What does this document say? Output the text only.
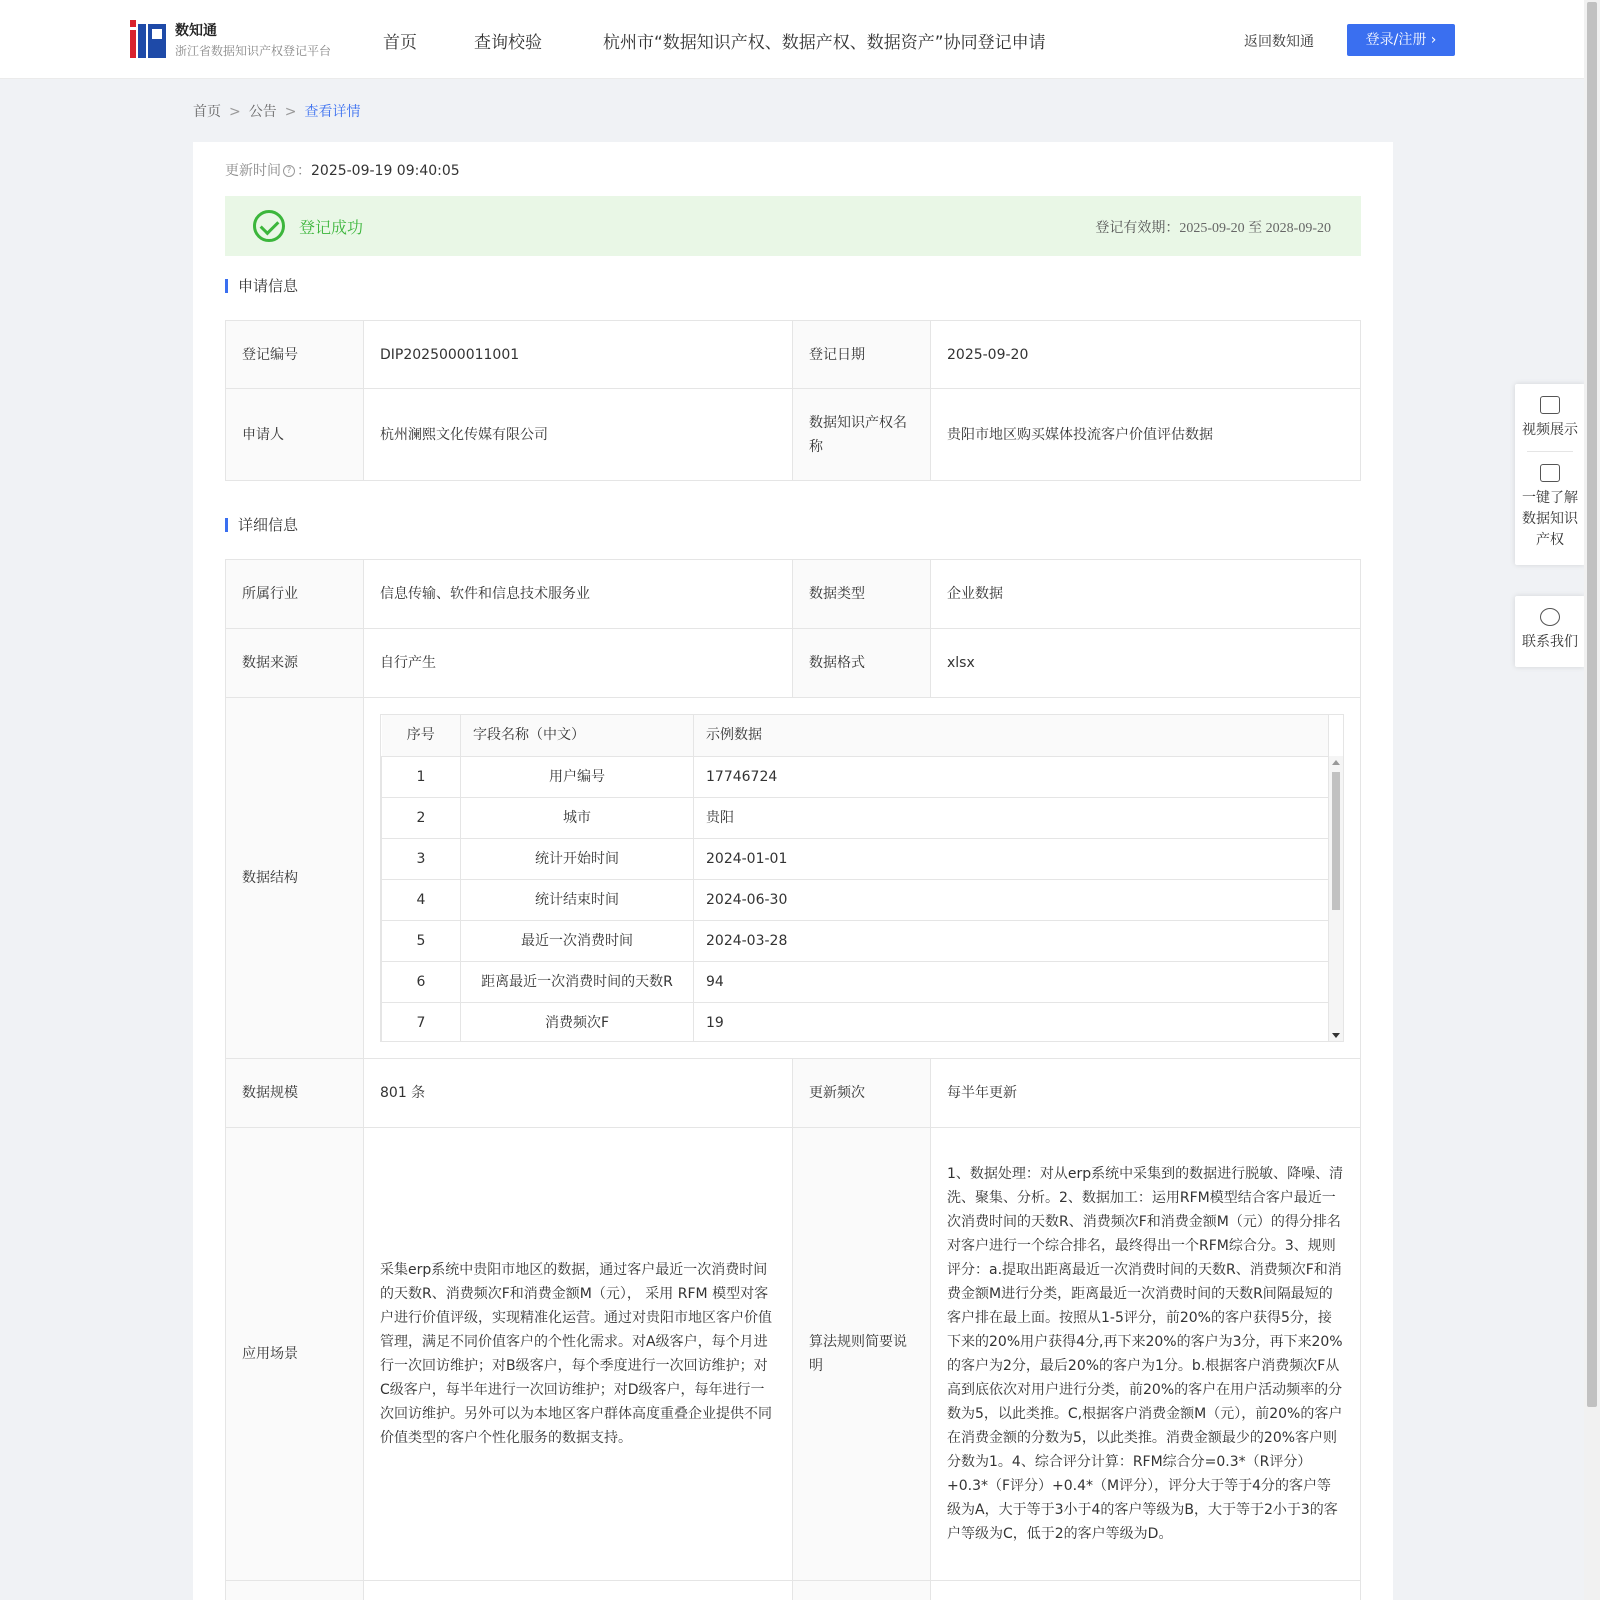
数知通
浙江省数据知识产权登记平台	首页	查询校验	杭州市“数据知识产权、数据产权、数据资产”协同登记申请	返回数知通	登录/注册 ›
首页 > 公告 > 查看详情
更新时间 ? ：2025-09-19 09:40:05
登记成功	登记有效期：2025-09-20 至 2028-09-20
申请信息
登记编号	DIP2025000011001	登记日期	2025-09-20
申请人	杭州澜熙文化传媒有限公司	数据知识产权名称	贵阳市地区购买媒体投流客户价值评估数据
详细信息
所属行业	信息传输、软件和信息技术服务业	数据类型	企业数据
数据来源	自行产生	数据格式	xlsx
数据结构	
序号	字段名称（中文）	示例数据
1	用户编号	17746724
2	城市	贵阳
3	统计开始时间	2024-01-01
4	统计结束时间	2024-06-30
5	最近一次消费时间	2024-03-28
6	距离最近一次消费时间的天数R	94
7	消费频次F	19

数据规模	801 条	更新频次	每半年更新
应用场景	采集erp系统中贵阳市地区的数据，通过客户最近一次消费时间的天数R、消费频次F和消费金额M（元）， 采用 RFM 模型对客户进行价值评级，实现精准化运营。通过对贵阳市地区客户价值管理，满足不同价值客户的个性化需求。对A级客户，每个月进行一次回访维护；对B级客户，每个季度进行一次回访维护；对C级客户，每半年进行一次回访维护；对D级客户，每年进行一次回访维护。另外可以为本地区客户群体高度重叠企业提供不同价值类型的客户个性化服务的数据支持。	算法规则简要说明	1、数据处理：对从erp系统中采集到的数据进行脱敏、降噪、清洗、聚集、分析。2、数据加工：运用RFM模型结合客户最近一次消费时间的天数R、消费频次F和消费金额M（元）的得分排名对客户进行一个综合排名，最终得出一个RFM综合分。3、规则评分：a.提取出距离最近一次消费时间的天数R、消费频次F和消费金额M进行分类，距离最近一次消费时间的天数R间隔最短的客户排在最上面。按照从1-5评分，前20%的客户获得5分，接下来的20%用户获得4分,再下来20%的客户为3分，再下来20%的客户为2分，最后20%的客户为1分。b.根据客户消费频次F从高到底依次对用户进行分类，前20%的客户在用户活动频率的分数为5，以此类推。C,根据客户消费金额M（元），前20%的客户在消费金额的分数为5，以此类推。消费金额最少的20%客户则分数为1。4、综合评分计算：RFM综合分=0.3*（R评分）+0.3*（F评分）+0.4*（M评分），评分大于等于4分的客户等级为A，大于等于3小于4的客户等级为B，大于等于2小于3的客户等级为C，低于2的客户等级为D。

视频展示
一键了解数据知识产权
联系我们
